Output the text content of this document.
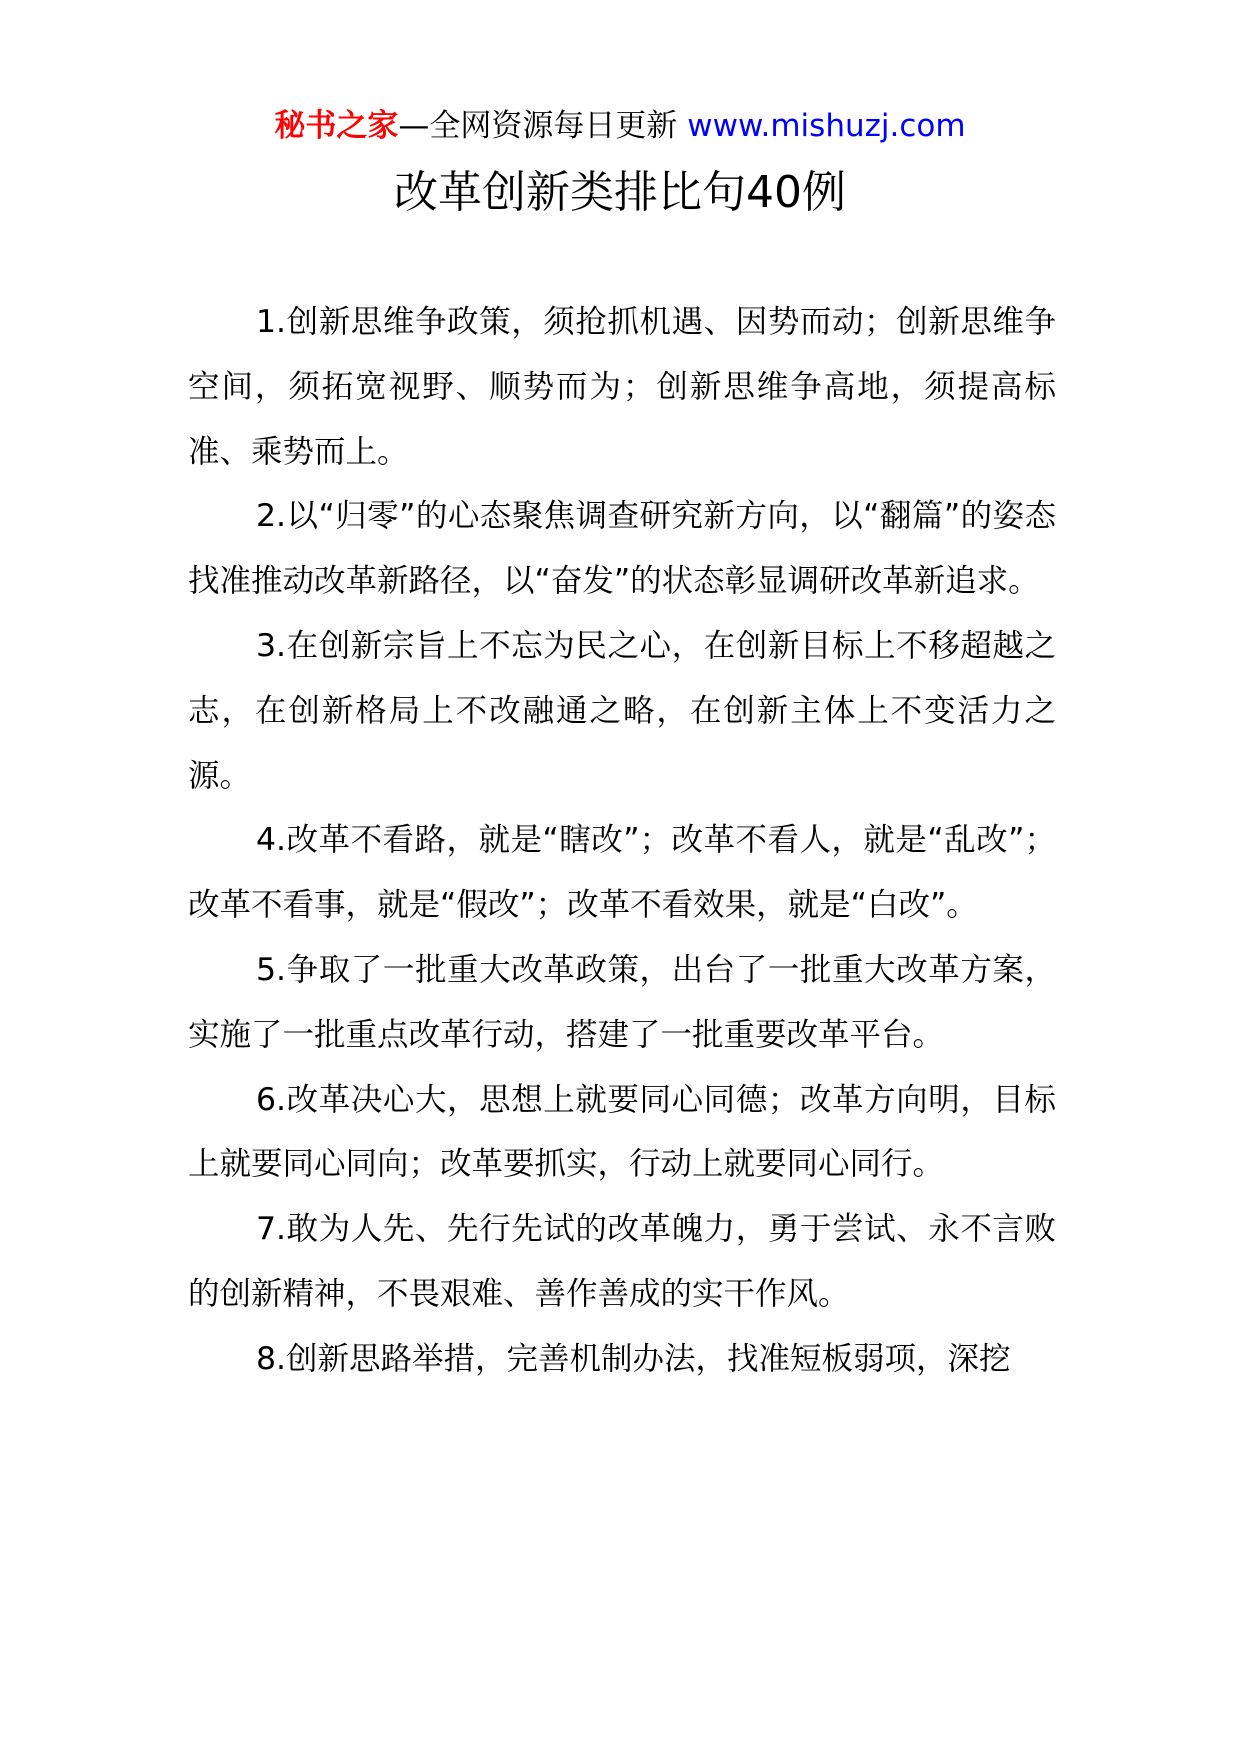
秘书之家—全网资源每日更新 www.mishuzj.com
改革创新类排比句40例

1.创新思维争政策，须抢抓机遇、因势而动；创新思维争空间，须拓宽视野、顺势而为；创新思维争高地，须提高标准、乘势而上。

2.以“归零”的心态聚焦调查研究新方向，以“翻篇”的姿态找准推动改革新路径，以“奋发”的状态彰显调研改革新追求。

3.在创新宗旨上不忘为民之心，在创新目标上不移超越之志，在创新格局上不改融通之略，在创新主体上不变活力之源。

4.改革不看路，就是“瞎改”；改革不看人，就是“乱改”；改革不看事，就是“假改”；改革不看效果，就是“白改”。

5.争取了一批重大改革政策，出台了一批重大改革方案，实施了一批重点改革行动，搭建了一批重要改革平台。

6.改革决心大，思想上就要同心同德；改革方向明，目标上就要同心同向；改革要抓实，行动上就要同心同行。

7.敢为人先、先行先试的改革魄力，勇于尝试、永不言败的创新精神，不畏艰难、善作善成的实干作风。

8.创新思路举措，完善机制办法，找准短板弱项，深挖
